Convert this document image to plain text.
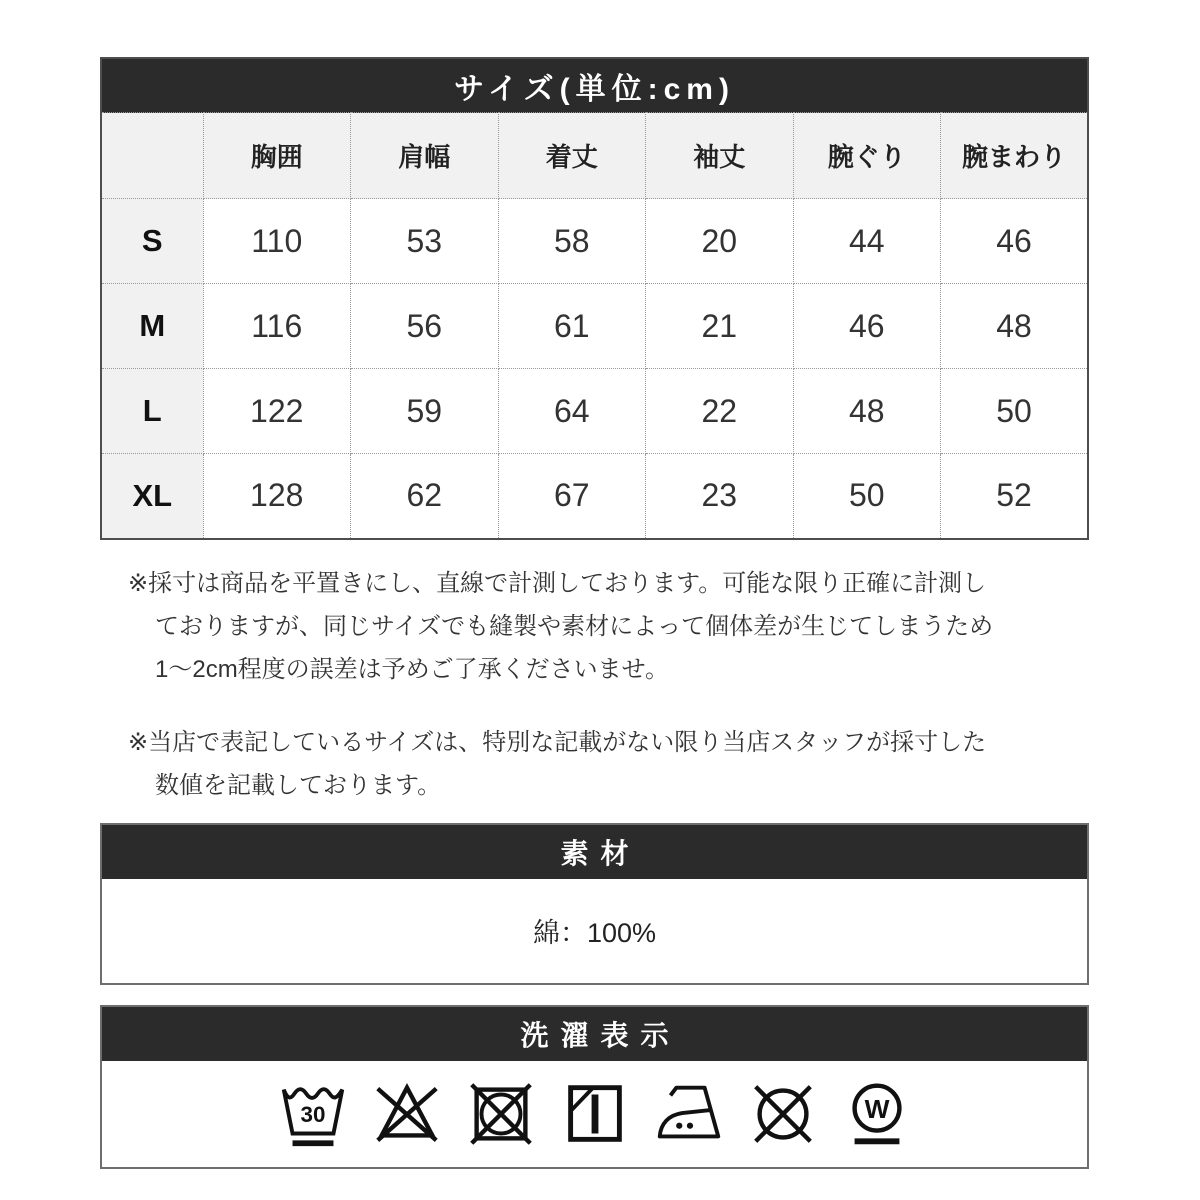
サイズ(単位:cm)						
	胸囲	肩幅	着丈	袖丈	腕ぐり	腕まわり
S	110	53	58	20	44	46
M	116	56	61	21	46	48
L	122	59	64	22	48	50
XL	128	62	67	23	50	52
※採寸は商品を平置きにし、直線で計測しております。可能な限り正確に計測し
ておりますが、同じサイズでも縫製や素材によって個体差が生じてしまうため
1〜2cm程度の誤差は予めご了承くださいませ。
※当店で表記しているサイズは、特別な記載がない限り当店スタッフが採寸した
数値を記載しております。
素材
綿：100%
洗濯表示
30	W
